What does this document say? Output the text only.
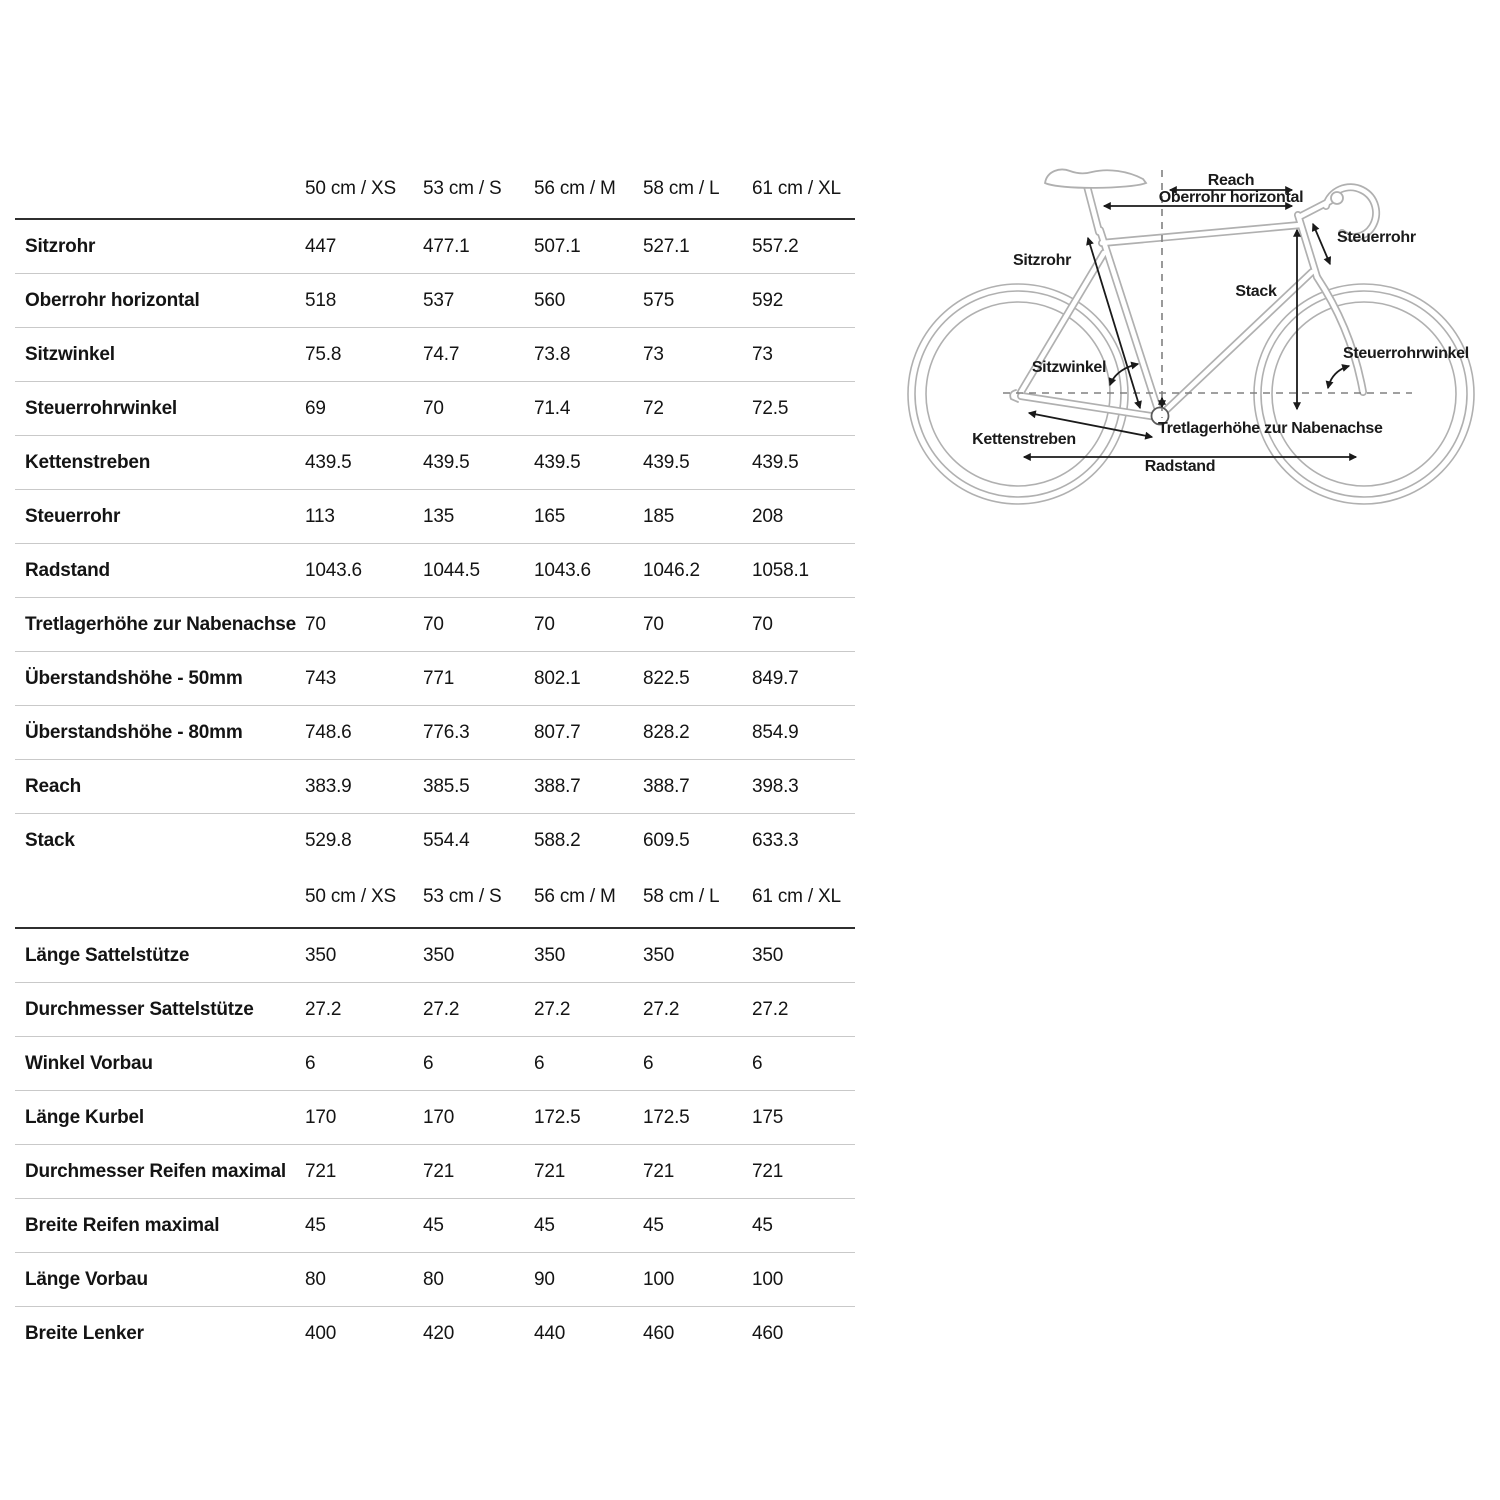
50 cm / XS	53 cm / S	56 cm / M	58 cm / L	61 cm / XL
Sitzrohr	447	477.1	507.1	527.1	557.2
Oberrohr horizontal	518	537	560	575	592
Sitzwinkel	75.8	74.7	73.8	73	73
Steuerrohrwinkel	69	70	71.4	72	72.5
Kettenstreben	439.5	439.5	439.5	439.5	439.5
Steuerrohr	113	135	165	185	208
Radstand	1043.6	1044.5	1043.6	1046.2	1058.1
Tretlagerhöhe zur Nabenachse 70	70	70	70	70
Überstandshöhe - 50mm	743	771	802.1	822.5	849.7
Überstandshöhe - 80mm	748.6	776.3	807.7	828.2	854.9
Reach	383.9	385.5	388.7	388.7	398.3
Stack	529.8	554.4	588.2	609.5	633.3
50 cm / XS	53 cm / S	56 cm / M	58 cm / L	61 cm / XL
Länge Sattelstütze	350	350	350	350	350
Durchmesser Sattelstütze	27.2	27.2	27.2	27.2	27.2
Winkel Vorbau	6	6	6	6	6
Länge Kurbel	170	170	172.5	172.5	175
Durchmesser Reifen maximal	721	721	721	721	721
Breite Reifen maximal	45	45	45	45	45
Länge Vorbau	80	80	90	100	100
Breite Lenker	400	420	440	460	460
Reach
Oberrohr horizontal
Steuerrohr
Sitzrohr
Stack
Sitzwinkel
Steuerrohrwinkel
Tretlagerhöhe zur Nabenachse
Kettenstreben
Radstand
